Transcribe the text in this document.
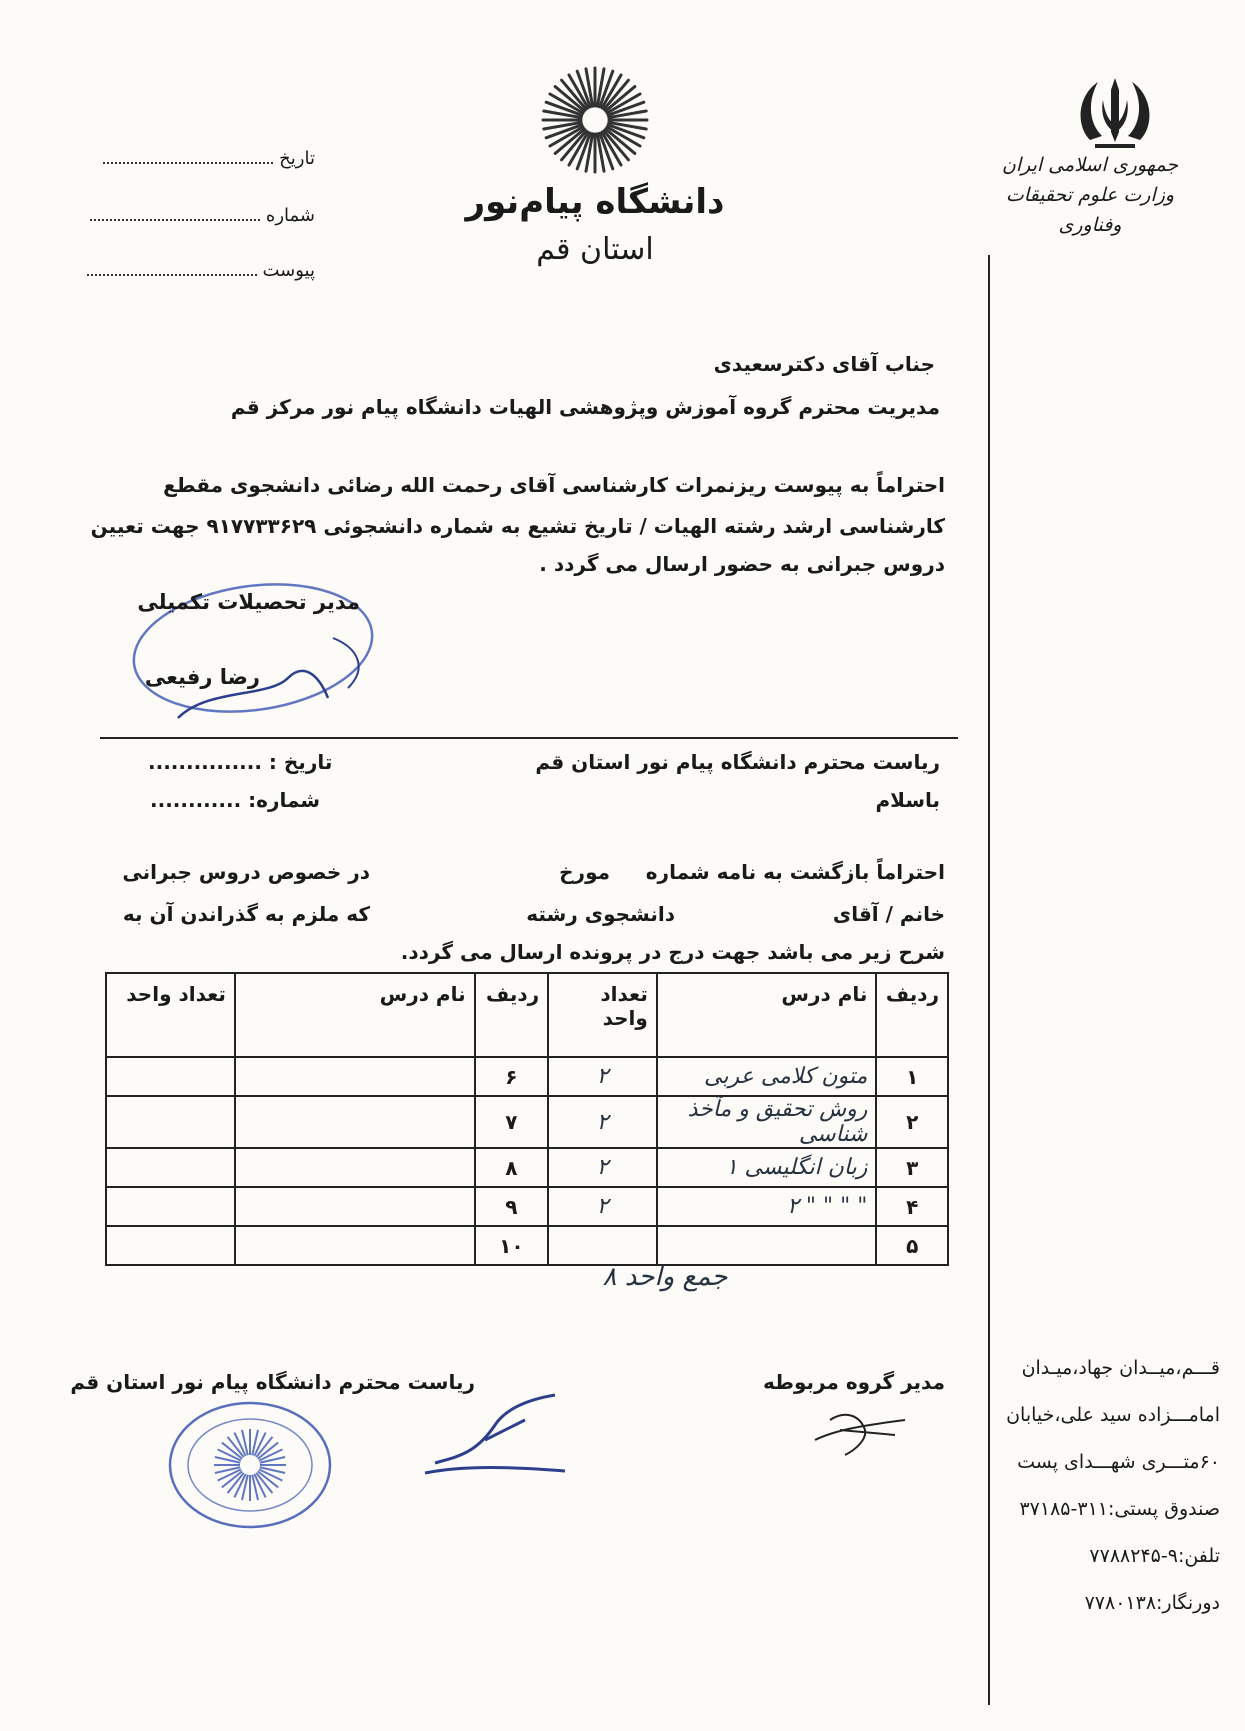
جمهوری اسلامی ایران
وزارت علوم تحقیقات وفناوری
دانشگاه پیام‌نور
استان قم
تاریخ
شماره
پیوست
جناب آقای دکترسعیدی
مدیریت محترم گروه آموزش وپژوهشی الهیات دانشگاه پیام نور مرکز قم
احتراماً به پیوست ریزنمرات کارشناسی آقای رحمت الله رضائی دانشجوی مقطع
کارشناسی ارشد رشته الهیات / تاریخ تشیع به شماره دانشجوئی ۹۱۷۷۳۳۶۲۹ جهت تعیین
دروس جبرانی به حضور ارسال می گردد .
مدیر تحصیلات تکمیلی
رضا رفیعی
تاریخ : ...............
شماره: ............
ریاست محترم دانشگاه پیام نور استان قم
باسلام
احتراماً بازگشت به نامه شماره
مورخ
در خصوص دروس جبرانی
خانم / آقای
دانشجوی رشته
که ملزم به گذراندن آن به
شرح زیر می باشد جهت درج در پرونده ارسال می گردد.
ردیف	نام درس	تعداد واحد	ردیف	نام درس	تعداد واحد
۱	متون کلامی عربی	۲	۶		
۲	روش تحقیق و مآخذ شناسی	۲	۷		
۳	زبان انگلیسی ۱	۲	۸		
۴	" " " " ۲	۲	۹		
۵			۱۰		
جمع واحد ۸
مدیر گروه مربوطه
ریاست محترم دانشگاه پیام نور استان قم
قـــم،میــدان جهاد،میـدان
امامـــزاده سید علی،خیابان
۶۰متـــری شهـــدای پست
صندوق پستی:۳۱۱-۳۷۱۸۵
تلفن:۹-۷۷۸۸۲۴۵
دورنگار:۷۷۸۰۱۳۸
